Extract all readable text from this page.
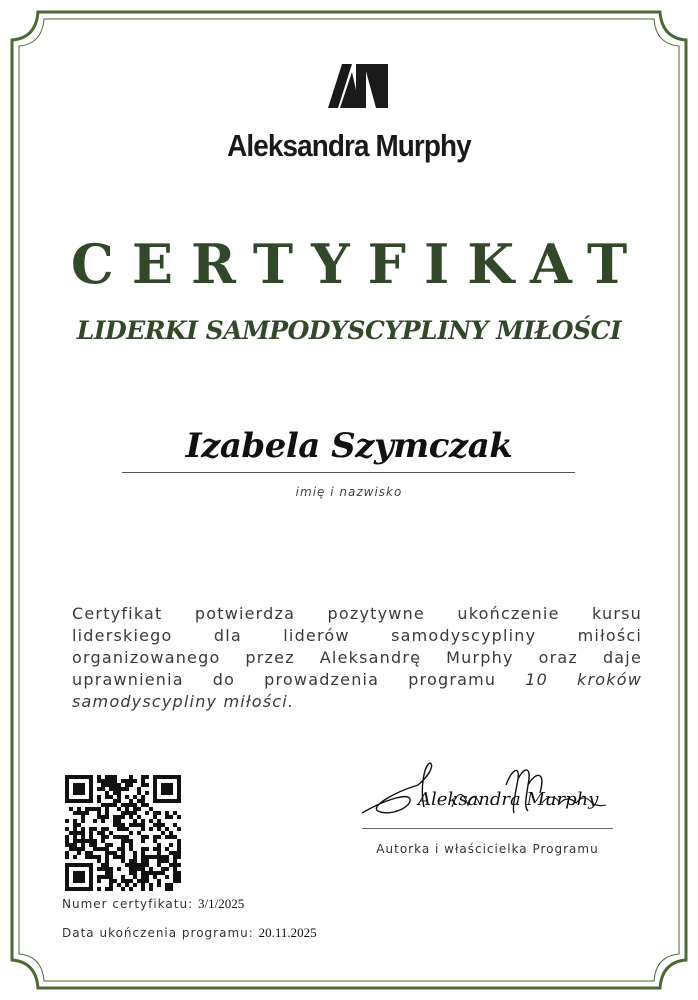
Aleksandra Murphy
CERTYFIKAT
LIDERKI SAMPODYSCYPLINY MIŁOŚCI
Izabela Szymczak
imię i nazwisko
Certyfikat potwierdza pozytywne ukończenie kursu liderskiego dla liderów samodyscypliny miłości organizowanego przez Aleksandrę Murphy oraz daje uprawnienia do prowadzenia programu 10 kroków samodyscypliny miłości.
Numer certyfikatu: 3/1/2025
Data ukończenia programu: 20.11.2025
Aleksandra Murphy
Autorka i właścicielka Programu
